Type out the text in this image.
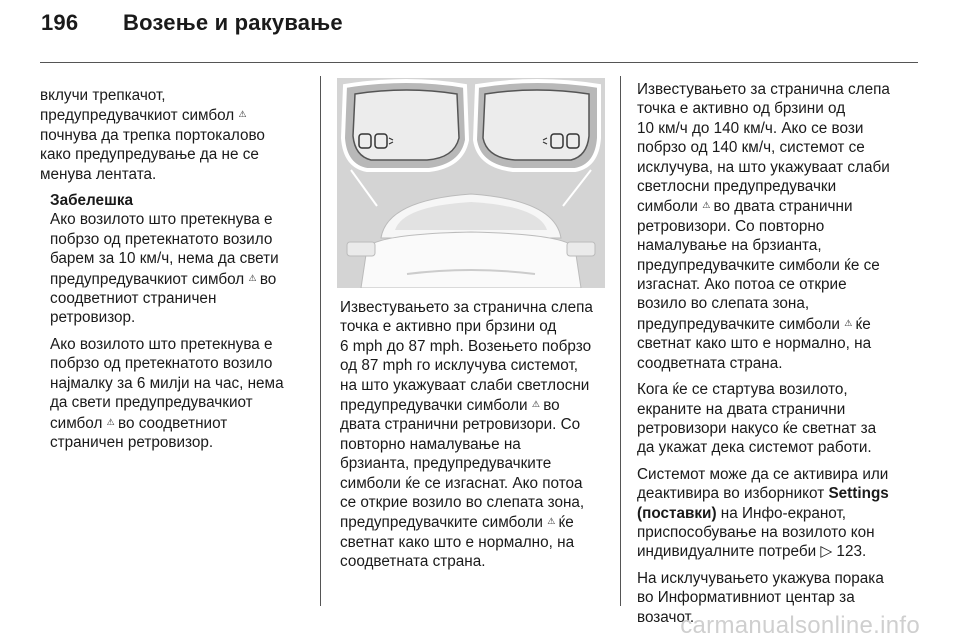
196 Возење и ракување

вклучи трепкачот,
предупредувачкиот симбол ⚠
почнува да трепка портокалово
како предупредување да не се
менува лентата.

Забелешка

Ако возилото што претекнува е
побрзо од претекнатото возило
барем за 10 км/ч, нема да свети
предупредувачкиот симбол ⚠ во
соодветниот страничен
ретровизор.

Ако возилото што претекнува е
побрзо од претекнатото возило
најмалку за 6 милји на час, нема
да свети предупредувачкиот
симбол ⚠ во соодветниот
страничен ретровизор.

Известувањето за странична слепа
точка е активно при брзини од
6 mph до 87 mph. Возењето побрзо
од 87 mph го исклучува системот,
на што укажуваат слаби светлосни
предупредувачки симболи ⚠ во
двата странични ретровизори. Со
повторно намалување на
брзианта, предупредувачките
симболи ќе се изгаснат. Ако потоа
се открие возило во слепата зона,
предупредувачките симболи ⚠ ќе
светнат како што е нормално, на
соодветната страна.

Известувањето за странична слепа
точка е активно од брзини од
10 км/ч до 140 км/ч. Ако се вози
побрзо од 140 км/ч, системот се
исклучува, на што укажуваат слаби
светлосни предупредувачки
симболи ⚠ во двата странични
ретровизори. Со повторно
намалување на брзианта,
предупредувачките симболи ќе се
изгаснат. Ако потоа се открие
возило во слепата зона,
предупредувачките симболи ⚠ ќе
светнат како што е нормално, на
соодветната страна.

Кога ќе се стартува возилото,
екраните на двата странични
ретровизори накусо ќе светнат за
да укажат дека системот работи.

Системот може да се активира или
деактивира во изборникот Settings
(поставки) на Инфо-екранот,
приспособување на возилото кон
индивидуалните потреби ▷ 123.

На исклучувањето укажува порака
во Информативниот центар за
возачот.

carmanualsonline.info
